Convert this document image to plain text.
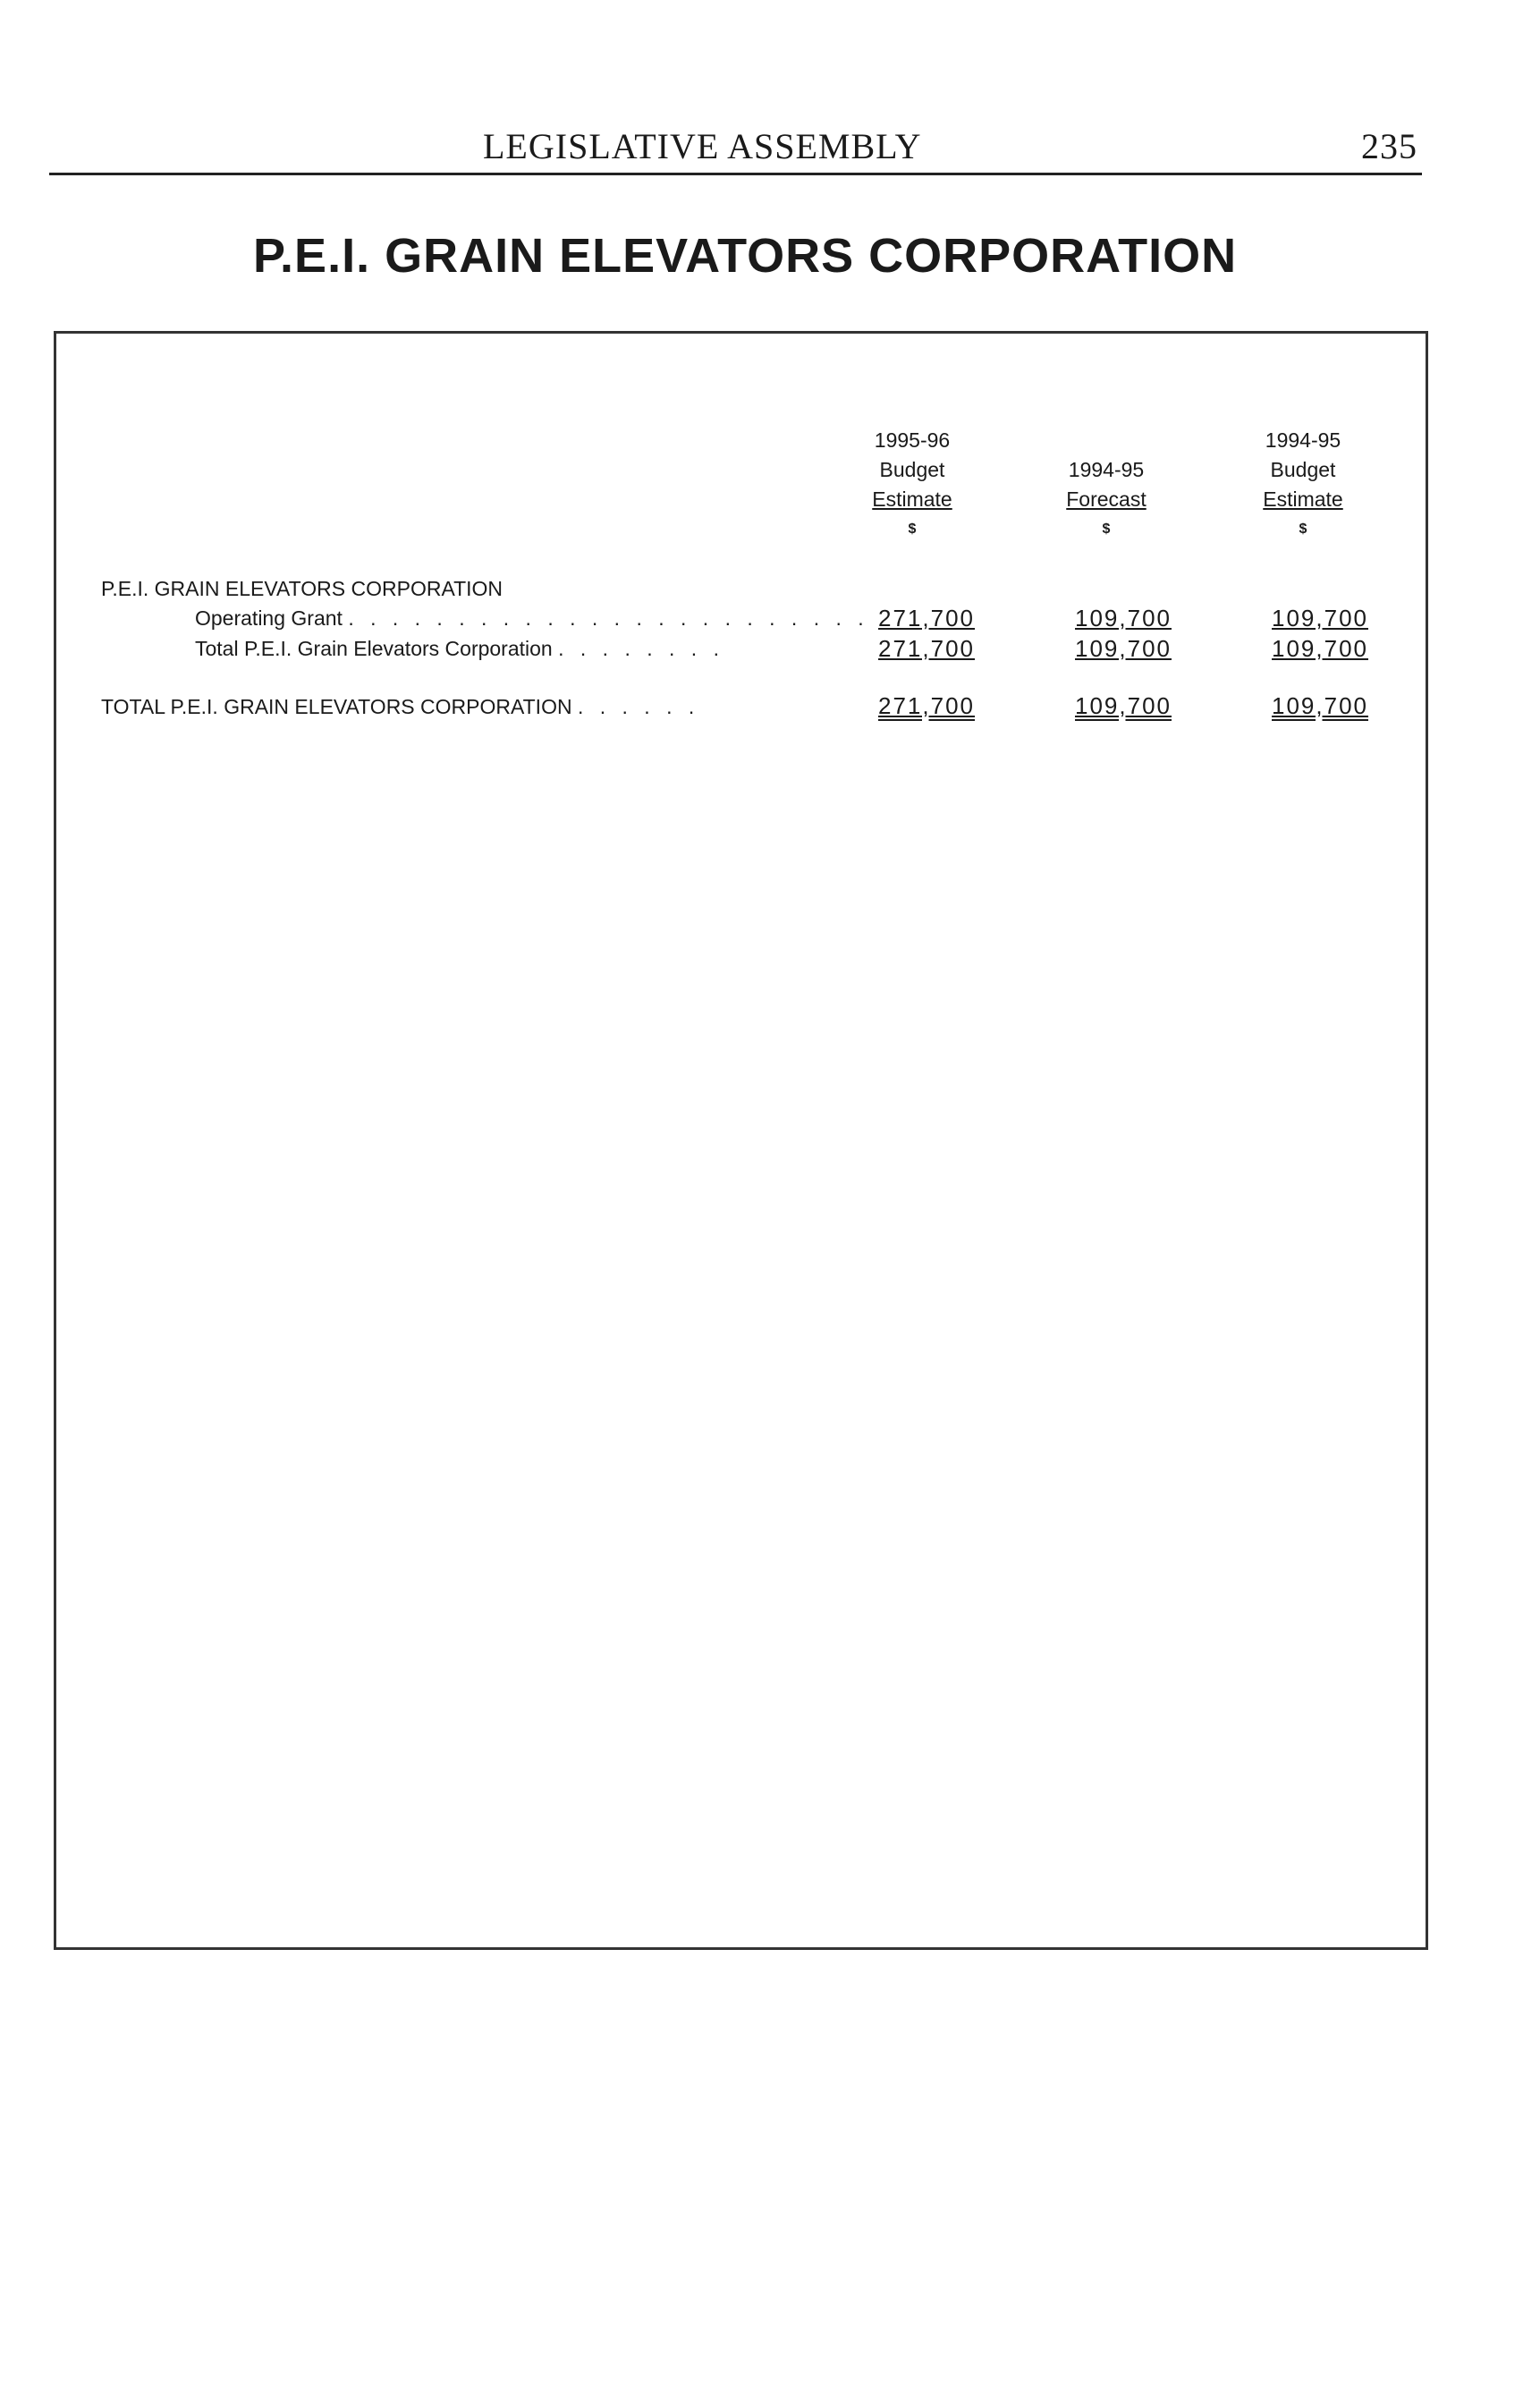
LEGISLATIVE ASSEMBLY	235
P.E.I. GRAIN ELEVATORS CORPORATION
1995-96
Budget
Estimate
$
1994-95
Forecast
$
1994-95
Budget
Estimate
$
P.E.I. GRAIN ELEVATORS CORPORATION
Operating Grant . . . . . . . . . . . . . . . . . . . . . . . . 271,700	109,700	109,700
Total P.E.I. Grain Elevators Corporation . . . . . . . .	271,700	109,700	109,700
TOTAL P.E.I. GRAIN ELEVATORS CORPORATION . . . . . .	271,700	109,700	109,700
